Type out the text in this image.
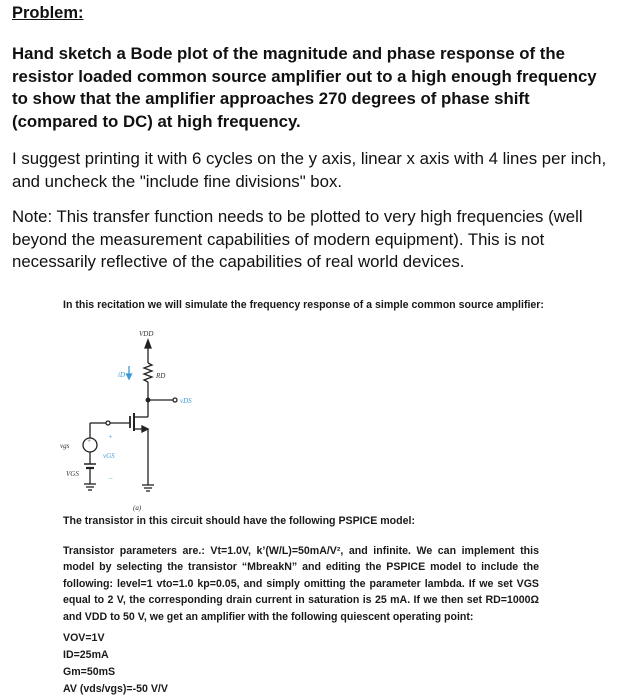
Problem:
Hand sketch a Bode plot of the magnitude and phase response of the resistor loaded common source amplifier out to a high enough frequency to show that the amplifier approaches 270 degrees of phase shift (compared to DC) at high frequency.
I suggest printing it with 6 cycles on the y axis, linear x axis with 4 lines per inch, and uncheck the "include fine divisions" box.
Note: This transfer function needs to be plotted to very high frequencies (well beyond the measurement capabilities of modern equipment). This is not necessarily reflective of the capabilities of real world devices.
In this recitation we will simulate the frequency response of a simple common source amplifier:
+
VDD
iD	RD
vDS
vgs
+
vGS
–
VGS
(a)
The transistor in this circuit should have the following PSPICE model:
Transistor parameters are.: Vt=1.0V, k’(W/L)=50mA/V², and infinite. We can implement this model by selecting the transistor “MbreakN” and editing the PSPICE model to include the following: level=1 vto=1.0 kp=0.05, and simply omitting the parameter lambda. If we set VGS equal to 2 V, the corresponding drain current in saturation is 25 mA. If we then set RD=1000Ω and VDD to 50 V, we get an amplifier with the following quiescent operating point:
VOV=1V
ID=25mA
Gm=50mS
AV (vds/vgs)=-50 V/V
